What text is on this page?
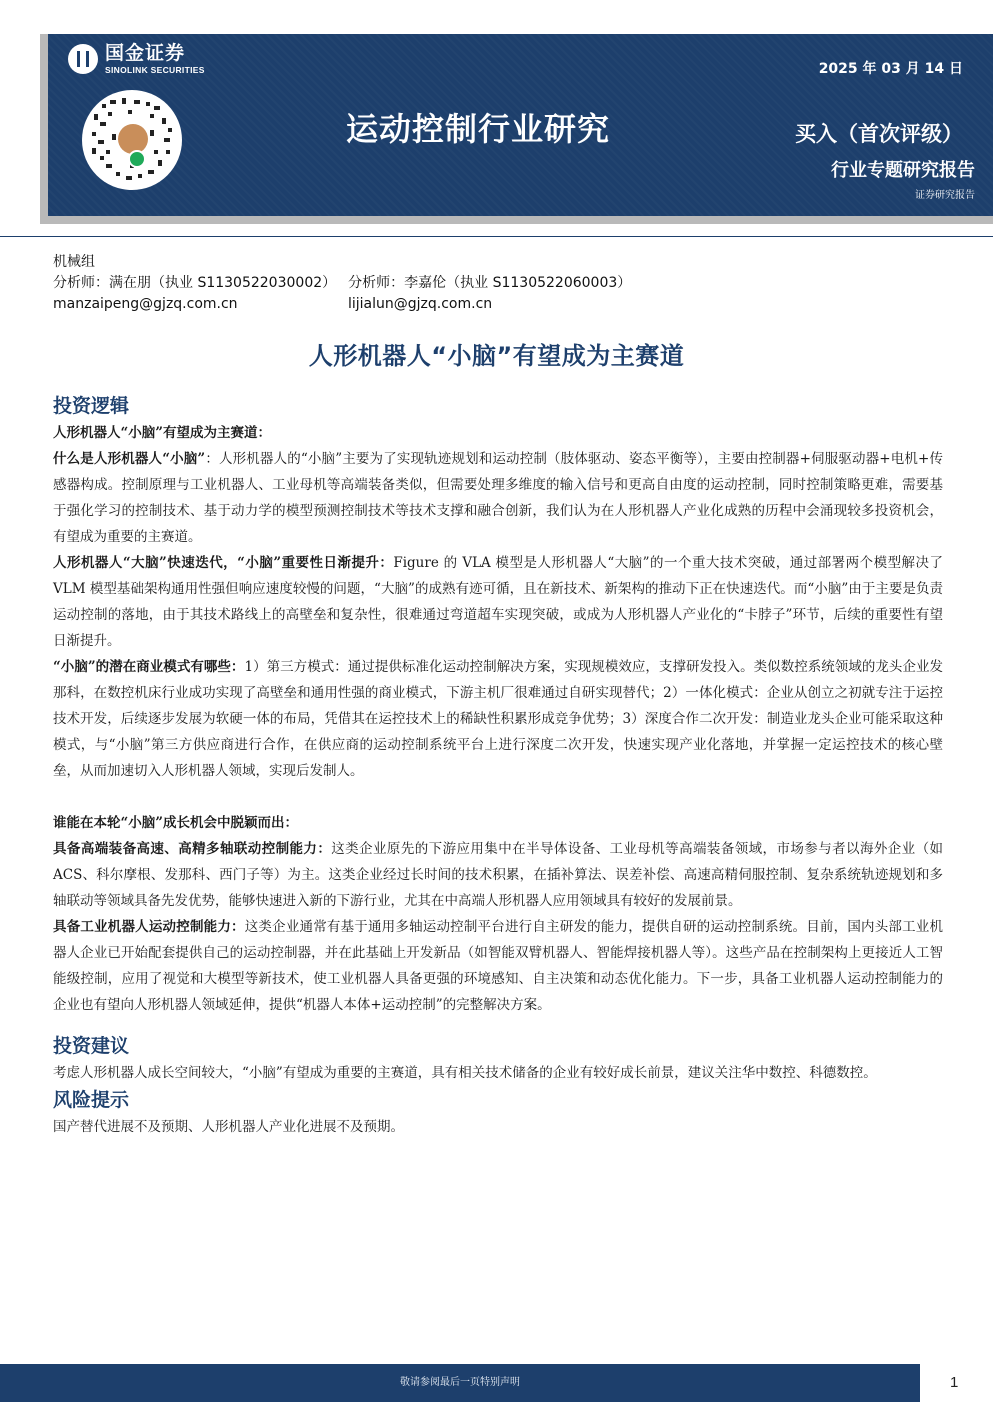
国金证券
SINOLINK SECURITIES	2025 年 03 月 14 日
运动控制行业研究	买入（首次评级）
行业专题研究报告
证券研究报告
机械组
分析师：满在朋（执业 S1130522030002） 分析师：李嘉伦（执业 S1130522060003）
manzaipeng@gjzq.com.cn	lijialun@gjzq.com.cn
人形机器人“小脑”有望成为主赛道
投资逻辑
人形机器人“小脑”有望成为主赛道：
什么是人形机器人“小脑”：人形机器人的“小脑”主要为了实现轨迹规划和运动控制（肢体驱动、姿态平衡等），主要由控制器+伺服驱动器+电机+传感器构成。控制原理与工业机器人、工业母机等高端装备类似，但需要处理多维度的输入信号和更高自由度的运动控制，同时控制策略更难，需要基于强化学习的控制技术、基于动力学的模型预测控制技术等技术支撑和融合创新，我们认为在人形机器人产业化成熟的历程中会涌现较多投资机会，有望成为重要的主赛道。
人形机器人“大脑”快速迭代，“小脑”重要性日渐提升：Figure 的 VLA 模型是人形机器人“大脑”的一个重大技术突破，通过部署两个模型解决了 VLM 模型基础架构通用性强但响应速度较慢的问题，“大脑”的成熟有迹可循，且在新技术、新架构的推动下正在快速迭代。而“小脑”由于主要是负责运动控制的落地，由于其技术路线上的高壁垒和复杂性，很难通过弯道超车实现突破，或成为人形机器人产业化的“卡脖子”环节，后续的重要性有望日渐提升。
“小脑”的潜在商业模式有哪些：1）第三方模式：通过提供标准化运动控制解决方案，实现规模效应，支撑研发投入。类似数控系统领域的龙头企业发那科，在数控机床行业成功实现了高壁垒和通用性强的商业模式，下游主机厂很难通过自研实现替代；2）一体化模式：企业从创立之初就专注于运控技术开发，后续逐步发展为软硬一体的布局，凭借其在运控技术上的稀缺性积累形成竞争优势；3）深度合作二次开发：制造业龙头企业可能采取这种模式，与“小脑”第三方供应商进行合作，在供应商的运动控制系统平台上进行深度二次开发，快速实现产业化落地，并掌握一定运控技术的核心壁垒，从而加速切入人形机器人领域，实现后发制人。
谁能在本轮“小脑”成长机会中脱颖而出：
具备高端装备高速、高精多轴联动控制能力：这类企业原先的下游应用集中在半导体设备、工业母机等高端装备领域，市场参与者以海外企业（如 ACS、科尔摩根、发那科、西门子等）为主。这类企业经过长时间的技术积累，在插补算法、误差补偿、高速高精伺服控制、复杂系统轨迹规划和多轴联动等领域具备先发优势，能够快速进入新的下游行业，尤其在中高端人形机器人应用领域具有较好的发展前景。
具备工业机器人运动控制能力：这类企业通常有基于通用多轴运动控制平台进行自主研发的能力，提供自研的运动控制系统。目前，国内头部工业机器人企业已开始配套提供自己的运动控制器，并在此基础上开发新品（如智能双臂机器人、智能焊接机器人等）。这些产品在控制架构上更接近人工智能级控制，应用了视觉和大模型等新技术，使工业机器人具备更强的环境感知、自主决策和动态优化能力。下一步，具备工业机器人运动控制能力的企业也有望向人形机器人领域延伸，提供“机器人本体+运动控制”的完整解决方案。
投资建议
考虑人形机器人成长空间较大，“小脑”有望成为重要的主赛道，具有相关技术储备的企业有较好成长前景，建议关注华中数控、科德数控。
风险提示
国产替代进展不及预期、人形机器人产业化进展不及预期。
敬请参阅最后一页特别声明	1
